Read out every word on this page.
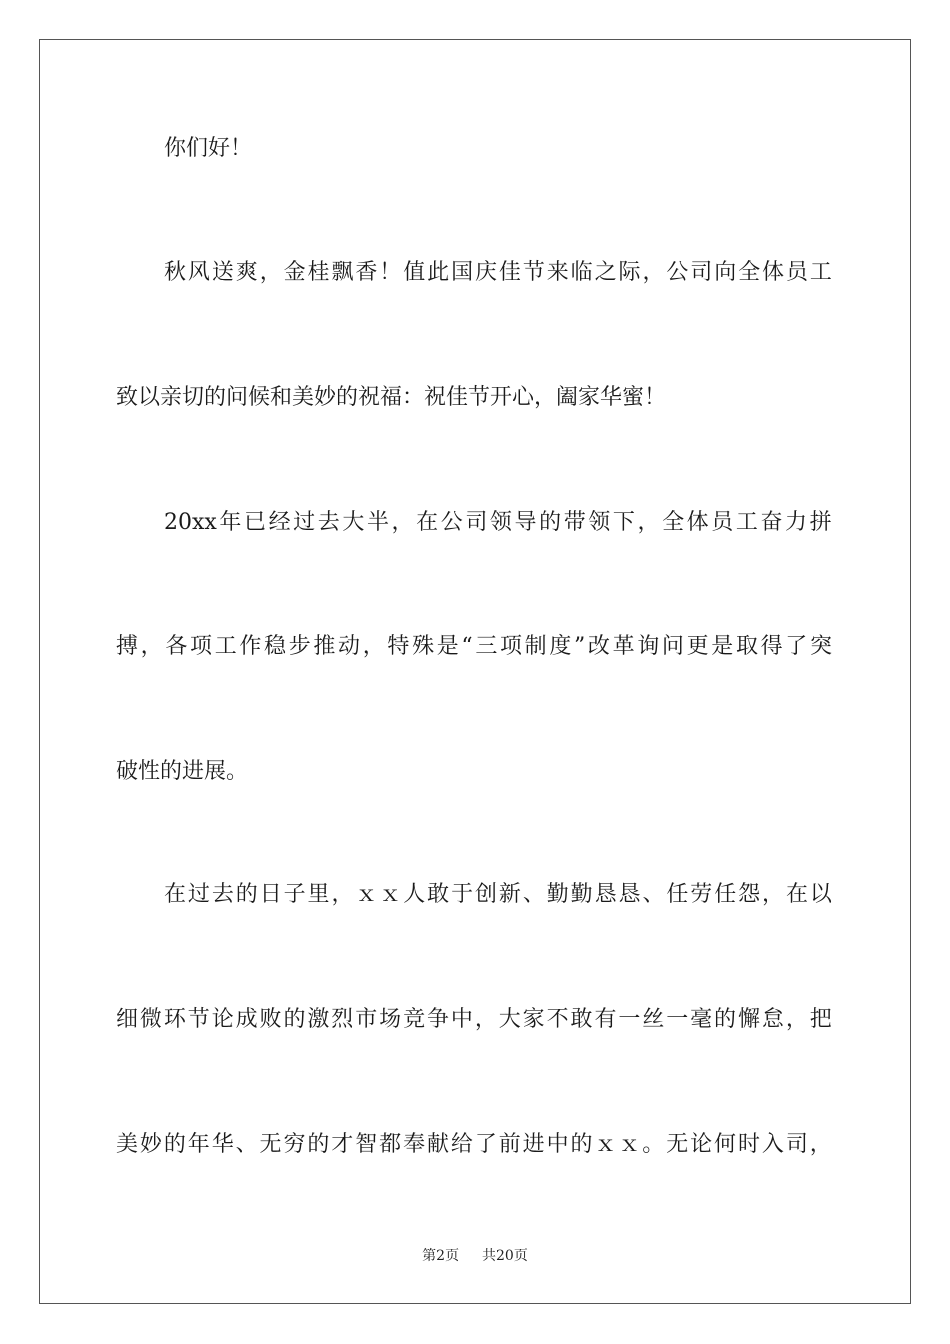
你们好！
秋 风 送 爽 ， 金 桂 飘 香 ！ 值 此 国 庆 佳 节 来 临 之 际 ， 公 司 向 全 体 员 工
致以亲切的问候和美妙的祝福：祝佳节开心，阖家华蜜！
20xx 年 已 经 过 去 大 半 ， 在 公 司 领 导 的 带 领 下 ， 全 体 员 工 奋 力 拼
搏 ， 各 项 工 作 稳 步 推 动 ， 特 殊 是 “ 三 项 制 度 ” 改 革 询 问 更 是 取 得 了 突
破性的进展。
在 过 去 的 日 子 里 ， ｘ ｘ 人 敢 于 创 新 、 勤 勤 恳 恳 、 任 劳 任 怨 ， 在 以
细 微 环 节 论 成 败 的 激 烈 市 场 竞 争 中 ， 大 家 不 敢 有 一 丝 一 毫 的 懈 怠 ， 把
美 妙 的 年 华 、 无 穷 的 才 智 都 奉 献 给 了 前 进 中 的 ｘ ｘ 。 无 论 何 时 入 司 ，
第2页 共20页
